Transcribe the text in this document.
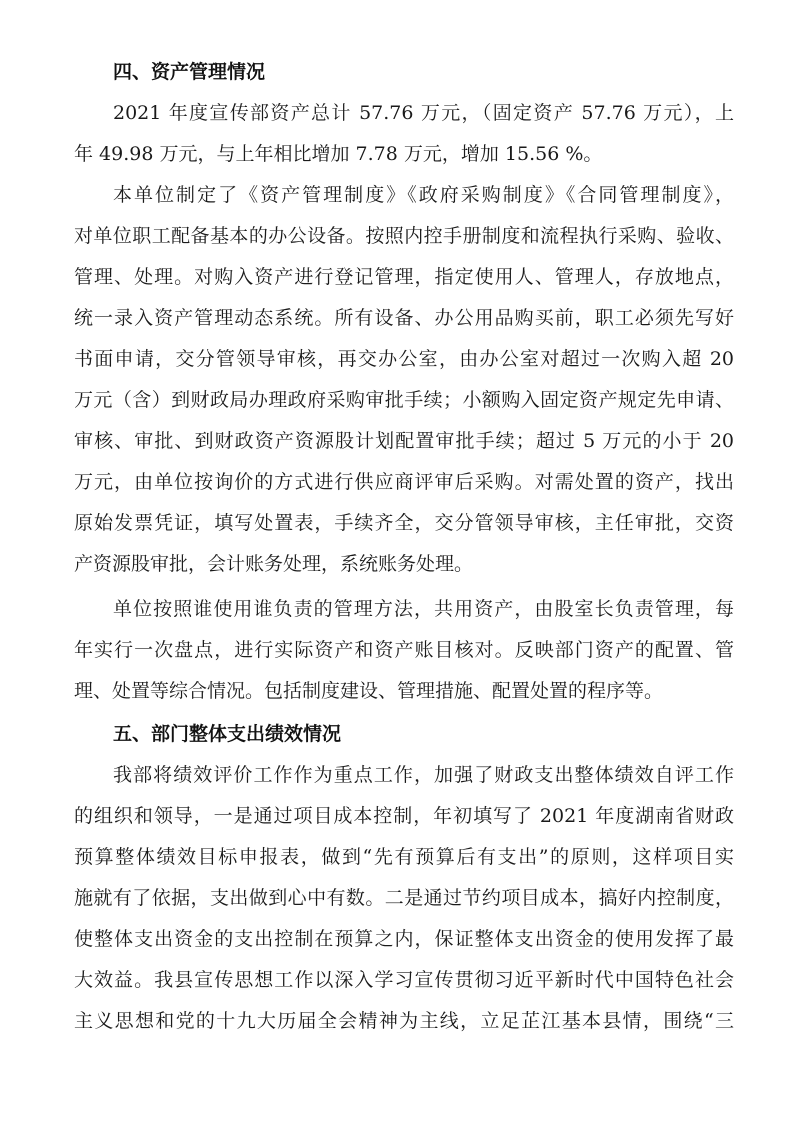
四、资产管理情况
2021 年度宣传部资产总计 57.76 万元，（固定资产 57.76 万元），上
年 49.98 万元，与上年相比增加 7.78 万元，增加 15.56 %。
本单位制定了《资产管理制度》《政府采购制度》《合同管理制度》，
对单位职工配备基本的办公设备。按照内控手册制度和流程执行采购、验收、
管理、处理。对购入资产进行登记管理，指定使用人、管理人，存放地点，
统一录入资产管理动态系统。所有设备、办公用品购买前，职工必须先写好
书面申请，交分管领导审核，再交办公室，由办公室对超过一次购入超 20
万元（含）到财政局办理政府采购审批手续；小额购入固定资产规定先申请、
审核、审批、到财政资产资源股计划配置审批手续；超过 5 万元的小于 20
万元，由单位按询价的方式进行供应商评审后采购。对需处置的资产，找出
原始发票凭证，填写处置表，手续齐全，交分管领导审核，主任审批，交资
产资源股审批，会计账务处理，系统账务处理。
单位按照谁使用谁负责的管理方法，共用资产，由股室长负责管理，每
年实行一次盘点，进行实际资产和资产账目核对。反映部门资产的配置、管
理、处置等综合情况。包括制度建设、管理措施、配置处置的程序等。
五、部门整体支出绩效情况
我部将绩效评价工作作为重点工作，加强了财政支出整体绩效自评工作
的组织和领导，一是通过项目成本控制，年初填写了 2021 年度湖南省财政
预算整体绩效目标申报表，做到“先有预算后有支出”的原则，这样项目实
施就有了依据，支出做到心中有数。二是通过节约项目成本，搞好内控制度，
使整体支出资金的支出控制在预算之内，保证整体支出资金的使用发挥了最
大效益。我县宣传思想工作以深入学习宣传贯彻习近平新时代中国特色社会
主义思想和党的十九大历届全会精神为主线，立足芷江基本县情，围绕“三
